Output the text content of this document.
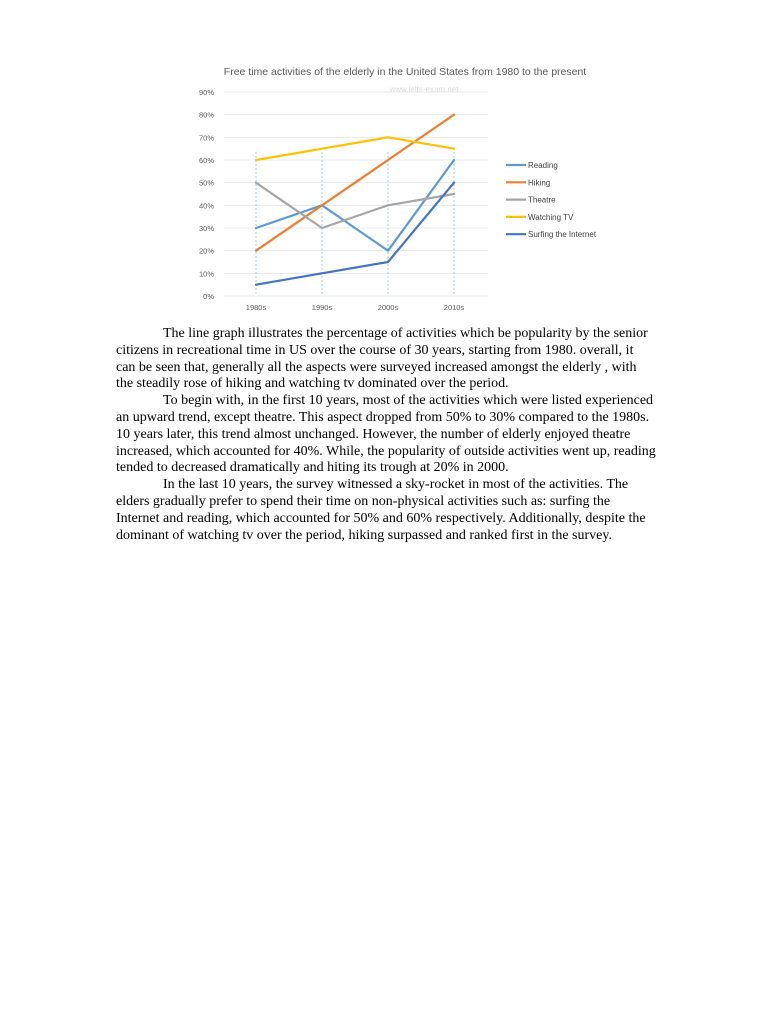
Free time activities of the elderly in the United States from 1980 to the present
www.ielts-exam.net
0%
10%
20%
30%
40%
50%
60%
70%
80%
90%
1980s	1990s	2000s	2010s
Reading
Hiking
Theatre
Watching TV
Surfing the Internet

The line graph illustrates the percentage of activities which be popularity by the senior citizens in recreational time in US over the course of 30 years, starting from 1980. overall, it can be seen that, generally all the aspects were surveyed increased amongst the elderly , with the steadily rose of hiking and watching tv dominated over the period.

To begin with, in the first 10 years, most of the activities which were listed experienced an upward trend, except theatre. This aspect dropped from 50% to 30% compared to the 1980s. 10 years later, this trend almost unchanged. However, the number of elderly enjoyed theatre increased, which accounted for 40%. While, the popularity of outside activities went up, reading tended to decreased dramatically and hiting its trough at 20% in 2000.

In the last 10 years, the survey witnessed a sky-rocket in most of the activities. The elders gradually prefer to spend their time on non-physical activities such as: surfing the Internet and reading, which accounted for 50% and 60% respectively. Additionally, despite the dominant of watching tv over the period, hiking surpassed and ranked first in the survey.
